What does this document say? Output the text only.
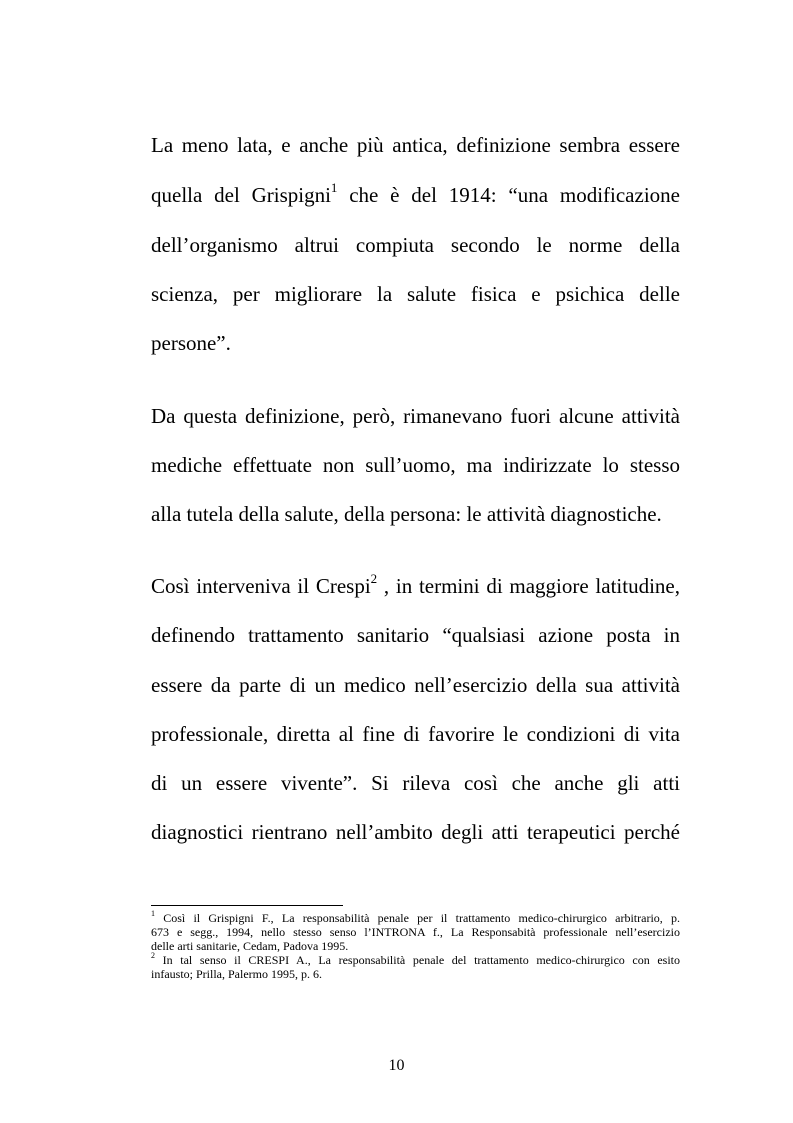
La meno lata, e anche più antica, definizione sembra essere
quella del Grispigni$^1$ che è del 1914: “una modificazione
dell’organismo altrui compiuta secondo le norme della
scienza, per migliorare la salute fisica e psichica delle
persone”.
Da questa definizione, però, rimanevano fuori alcune attività
mediche effettuate non sull’uomo, ma indirizzate lo stesso
alla tutela della salute, della persona: le attività diagnostiche.
Così interveniva il Crespi$^2$ , in termini di maggiore latitudine,
definendo trattamento sanitario “qualsiasi azione posta in
essere da parte di un medico nell’esercizio della sua attività
professionale, diretta al fine di favorire le condizioni di vita
di un essere vivente”. Si rileva così che anche gli atti
diagnostici rientrano nell’ambito degli atti terapeutici perché
$^1$ Così il Grispigni F., La responsabilità penale per il trattamento medico-chirurgico arbitrario, p.
673 e segg., 1994, nello stesso senso l’INTRONA f., La Responsabità professionale nell’esercizio
delle arti sanitarie, Cedam, Padova 1995.
$^2$ In tal senso il CRESPI A., La responsabilità penale del trattamento medico-chirurgico con esito
infausto; Prilla, Palermo 1995, p. 6.
10
